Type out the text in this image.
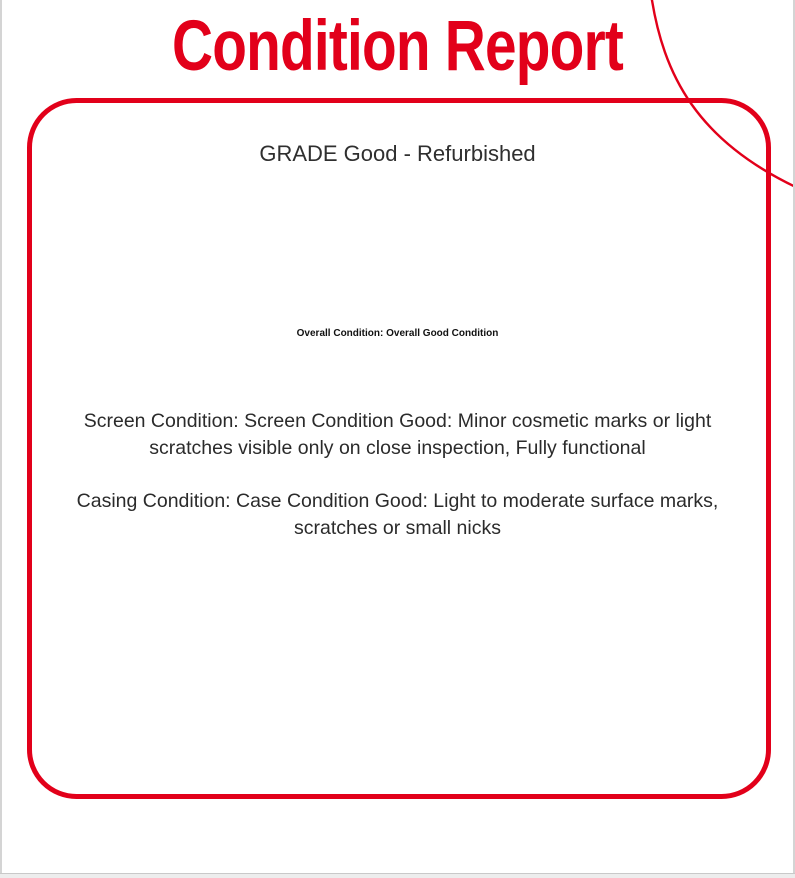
Condition Report
GRADE Good - Refurbished
Overall Condition: Overall Good Condition
Screen Condition: Screen Condition Good: Minor cosmetic marks or light
scratches visible only on close inspection, Fully functional
Casing Condition: Case Condition Good: Light to moderate surface marks,
scratches or small nicks
